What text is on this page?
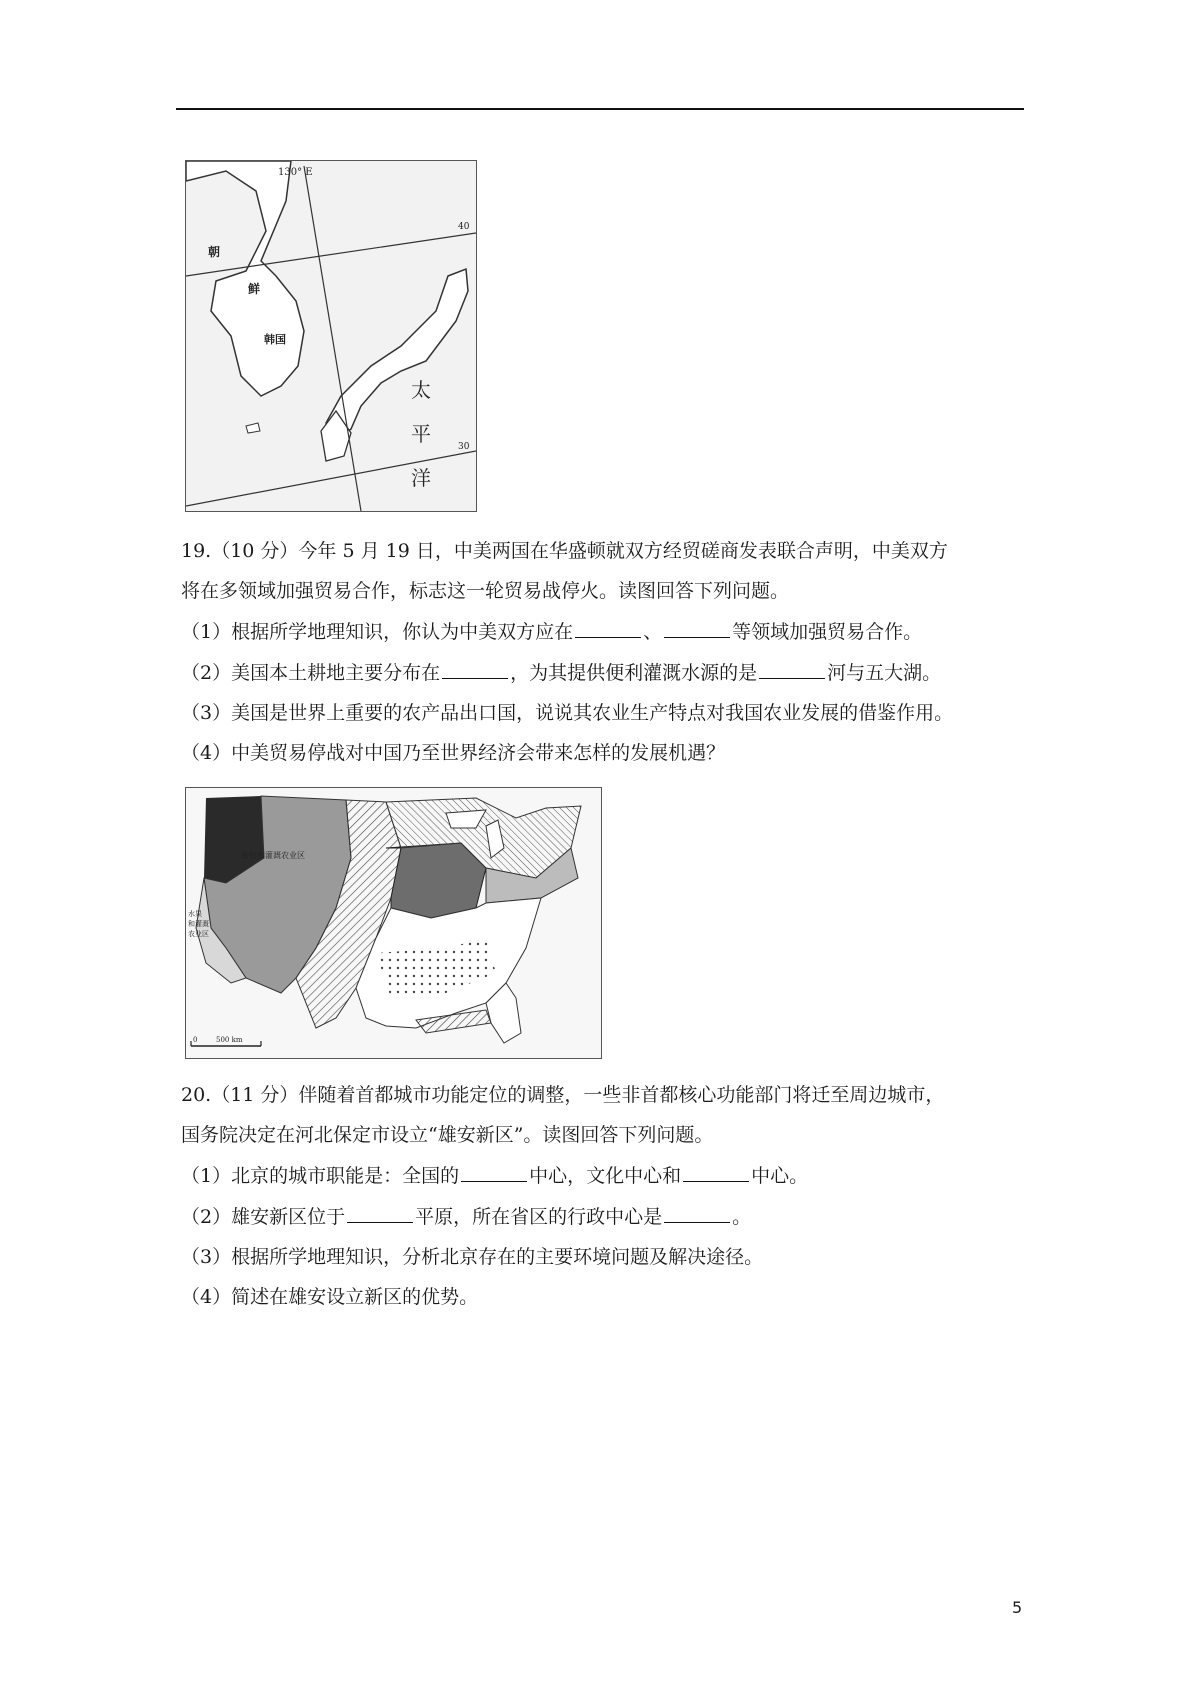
130° E
40
30
朝
鲜
韩国
太
平
洋

19.（10 分）今年 5 月 19 日，中美两国在华盛顿就双方经贸磋商发表联合声明，中美双方

将在多领域加强贸易合作，标志这一轮贸易战停火。读图回答下列问题。

（1）根据所学地理知识，你认为中美双方应在	、	等领域加强贸易合作。

（2）美国本土耕地主要分布在	，为其提供便利灌溉水源的是	河与五大湖。

（3）美国是世界上重要的农产品出口国，说说其农业生产特点对我国农业发展的借鉴作用。

（4）中美贸易停战对中国乃至世界经济会带来怎样的发展机遇？

畜牧和灌溉农业区
水果
和灌溉
农业区
0	500 km

20.（11 分）伴随着首都城市功能定位的调整，一些非首都核心功能部门将迁至周边城市，

国务院决定在河北保定市设立“雄安新区”。读图回答下列问题。

（1）北京的城市职能是：全国的	中心，文化中心和	中心。

（2）雄安新区位于	平原，所在省区的行政中心是	。

（3）根据所学地理知识，分析北京存在的主要环境问题及解决途径。

（4）简述在雄安设立新区的优势。

5
